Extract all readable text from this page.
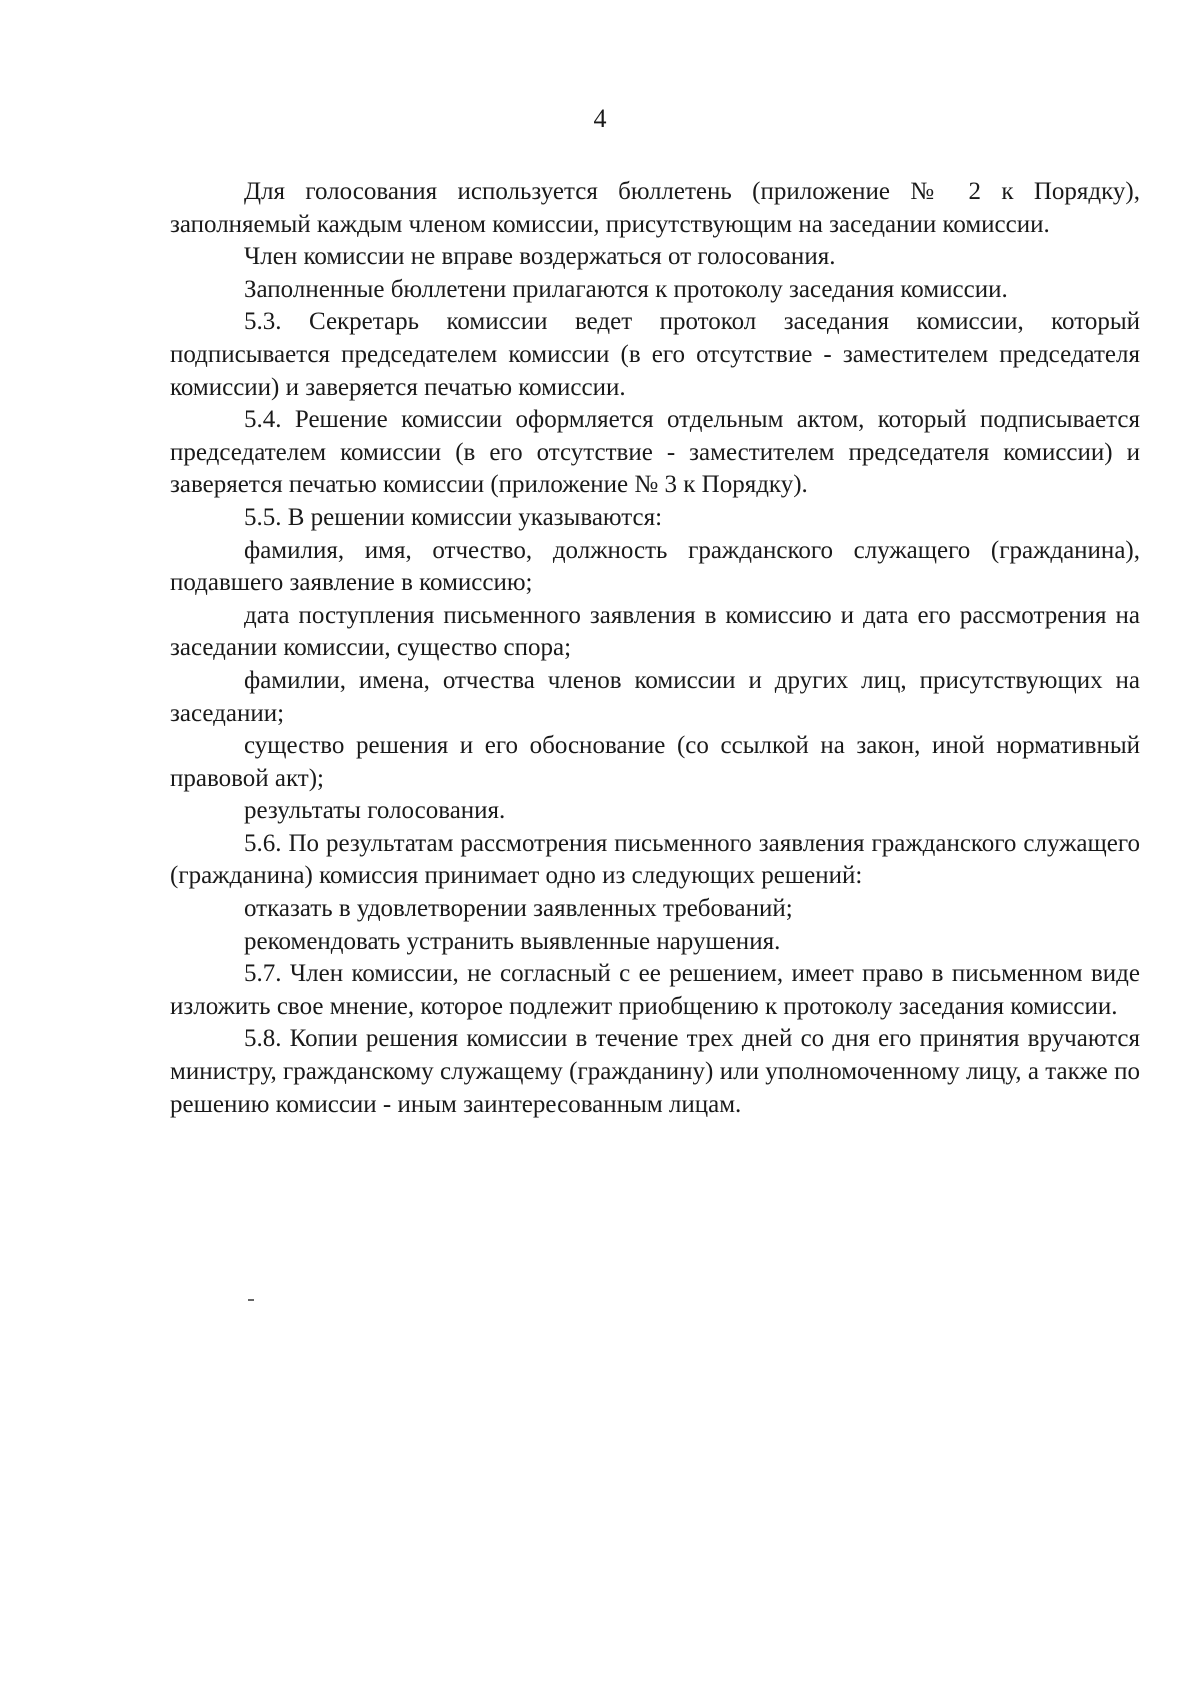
4

Для голосования используется бюллетень (приложение № 2 к Порядку), заполняемый каждым членом комиссии, присутствующим на заседании комиссии.

Член комиссии не вправе воздержаться от голосования.

Заполненные бюллетени прилагаются к протоколу заседания комиссии.

5.3. Секретарь комиссии ведет протокол заседания комиссии, который подписывается председателем комиссии (в его отсутствие - заместителем председателя комиссии) и заверяется печатью комиссии.

5.4. Решение комиссии оформляется отдельным актом, который подписывается председателем комиссии (в его отсутствие - заместителем председателя комиссии) и заверяется печатью комиссии (приложение № 3 к Порядку).

5.5. В решении комиссии указываются:

фамилия, имя, отчество, должность гражданского служащего (гражданина), подавшего заявление в комиссию;

дата поступления письменного заявления в комиссию и дата его рассмотрения на заседании комиссии, существо спора;

фамилии, имена, отчества членов комиссии и других лиц, присутствующих на заседании;

существо решения и его обоснование (со ссылкой на закон, иной нормативный правовой акт);

результаты голосования.

5.6. По результатам рассмотрения письменного заявления гражданского служащего (гражданина) комиссия принимает одно из следующих решений:

отказать в удовлетворении заявленных требований;

рекомендовать устранить выявленные нарушения.

5.7. Член комиссии, не согласный с ее решением, имеет право в письменном виде изложить свое мнение, которое подлежит приобщению к протоколу заседания комиссии.

5.8. Копии решения комиссии в течение трех дней со дня его принятия вручаются министру, гражданскому служащему (гражданину) или уполномоченному лицу, а также по решению комиссии - иным заинтересованным лицам.
